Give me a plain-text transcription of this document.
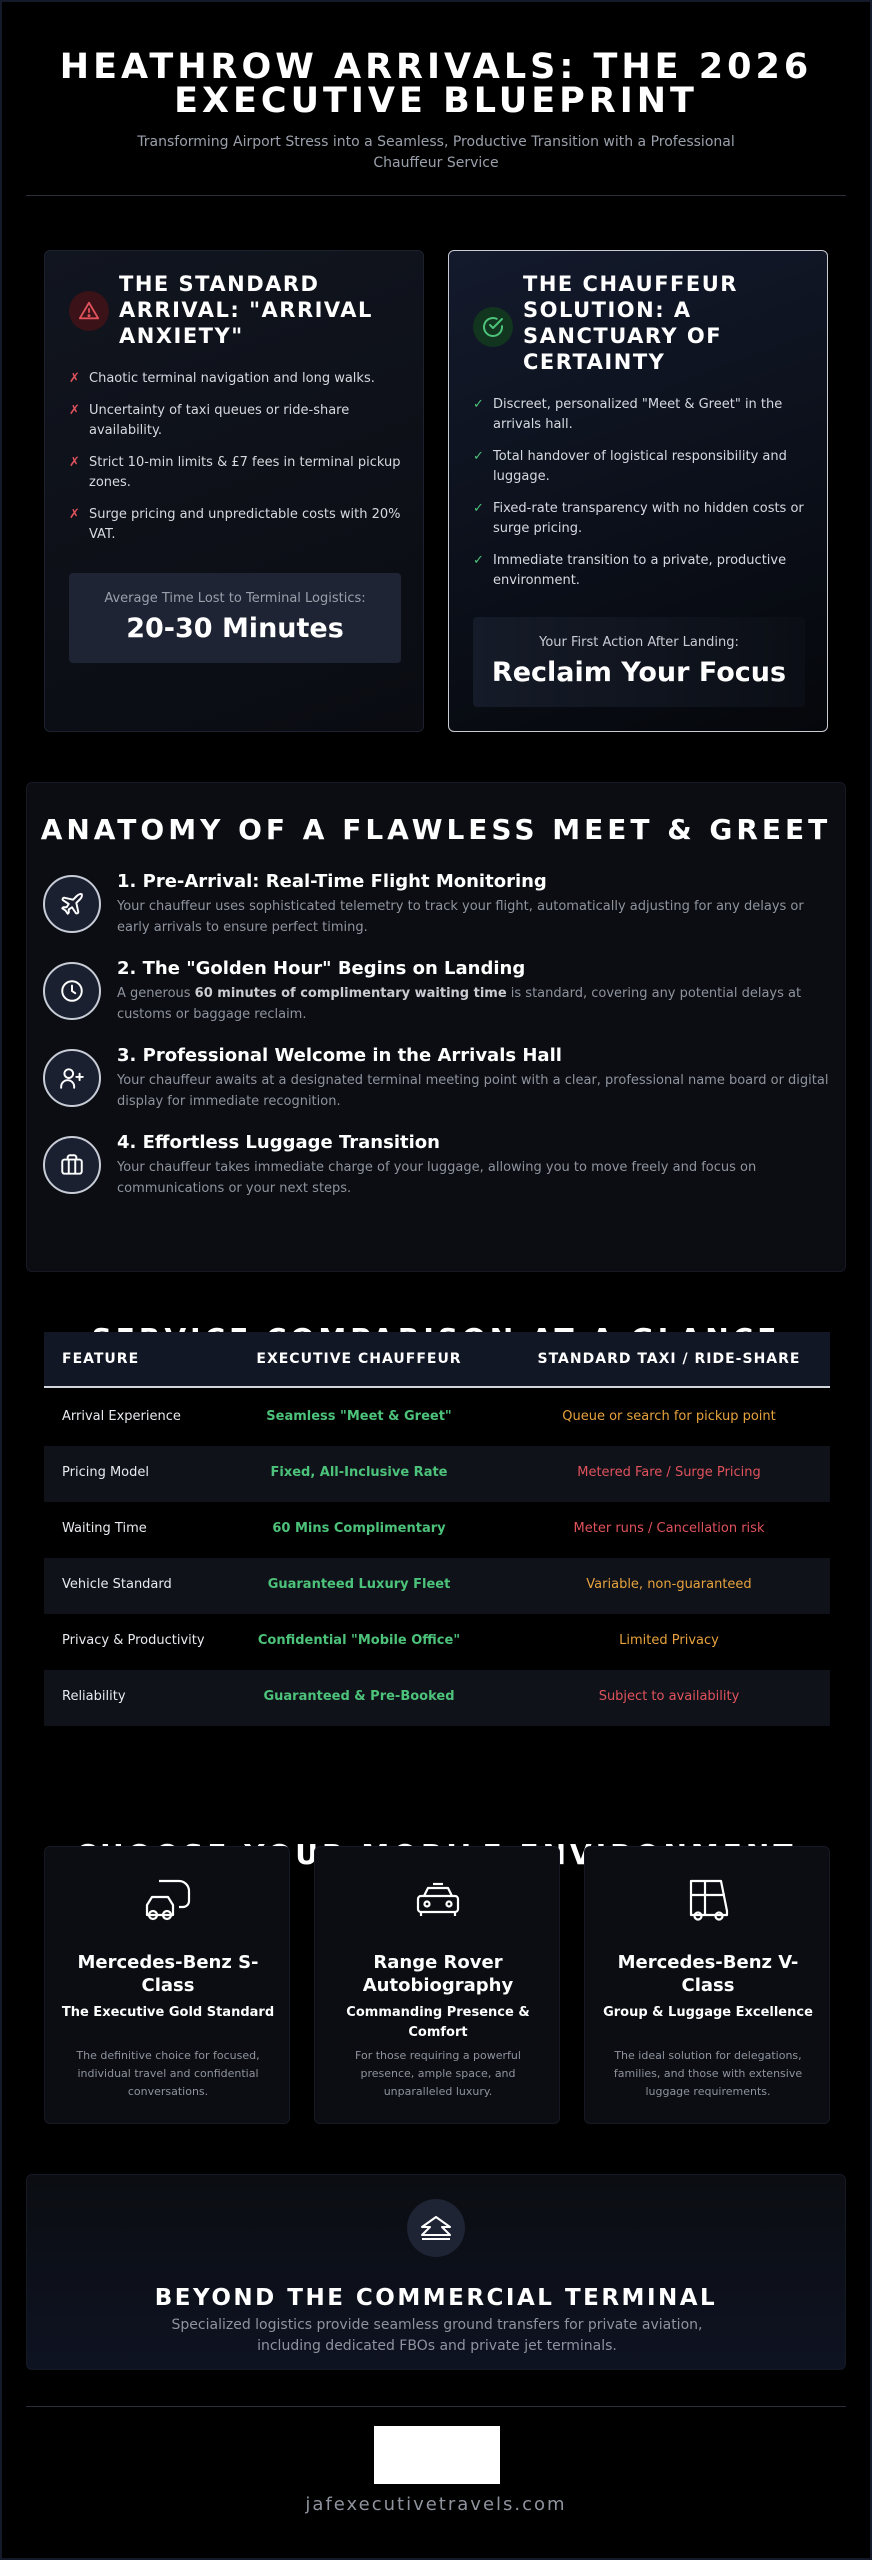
HEATHROW ARRIVALS: THE 2026 EXECUTIVE BLUEPRINT
Transforming Airport Stress into a Seamless, Productive Transition with a Professional Chauffeur Service
THE STANDARD ARRIVAL: "ARRIVAL ANXIETY"
✗ Chaotic terminal navigation and long walks.
✗ Uncertainty of taxi queues or ride-share availability.
✗ Strict 10-min limits & £7 fees in terminal pickup zones.
✗ Surge pricing and unpredictable costs with 20% VAT.
Average Time Lost to Terminal Logistics:
20-30 Minutes
THE CHAUFFEUR SOLUTION: A SANCTUARY OF CERTAINTY
✓ Discreet, personalized "Meet & Greet" in the arrivals hall.
✓ Total handover of logistical responsibility and luggage.
✓ Fixed-rate transparency with no hidden costs or surge pricing.
✓ Immediate transition to a private, productive environment.
Your First Action After Landing:
Reclaim Your Focus
ANATOMY OF A FLAWLESS MEET & GREET
1. Pre-Arrival: Real-Time Flight Monitoring
Your chauffeur uses sophisticated telemetry to track your flight, automatically adjusting for any delays or early arrivals to ensure perfect timing.
2. The "Golden Hour" Begins on Landing
A generous 60 minutes of complimentary waiting time is standard, covering any potential delays at customs or baggage reclaim.
3. Professional Welcome in the Arrivals Hall
Your chauffeur awaits at a designated terminal meeting point with a clear, professional name board or digital display for immediate recognition.
4. Effortless Luggage Transition
Your chauffeur takes immediate charge of your luggage, allowing you to move freely and focus on communications or your next steps.
FEATURE	EXECUTIVE CHAUFFEUR	STANDARD TAXI / RIDE-SHARE
Arrival Experience	Seamless "Meet & Greet"	Queue or search for pickup point
Pricing Model	Fixed, All-Inclusive Rate	Metered Fare / Surge Pricing
Waiting Time	60 Mins Complimentary	Meter runs / Cancellation risk
Vehicle Standard	Guaranteed Luxury Fleet	Variable, non-guaranteed
Privacy & Productivity	Confidential "Mobile Office"	Limited Privacy
Reliability	Guaranteed & Pre-Booked	Subject to availability
YOUR
Mercedes-Benz S-Class
The Executive Gold Standard
The definitive choice for focused, individual travel and confidential conversations.
Range Rover Autobiography
Commanding Presence & Comfort
For those requiring a powerful presence, ample space, and unparalleled luxury.
Mercedes-Benz V-Class
Group & Luggage Excellence
The ideal solution for delegations, families, and those with extensive luggage requirements.
BEYOND THE COMMERCIAL TERMINAL
Specialized logistics provide seamless ground transfers for private aviation, including dedicated FBOs and private jet terminals.
jafexecutivetravels.com
